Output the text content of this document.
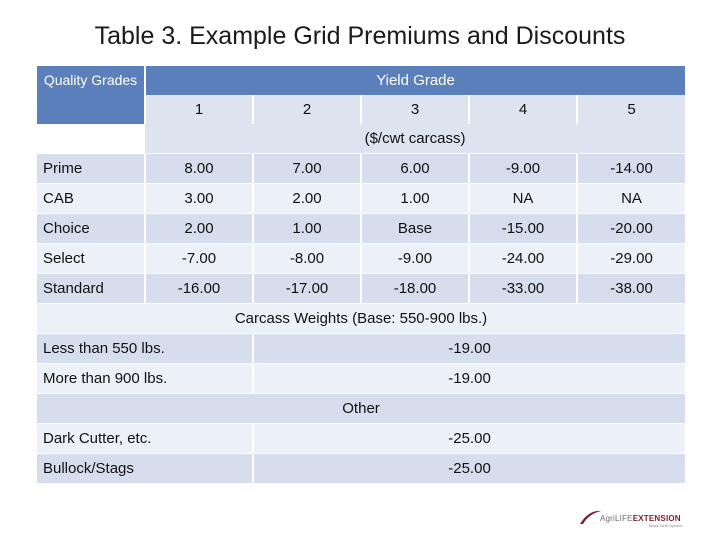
Table 3. Example Grid Premiums and Discounts
Quality Grades	Yield Grade				
	1	2	3	4	5
	($/cwt carcass)				
Prime	8.00	7.00	6.00	-9.00	-14.00
CAB	3.00	2.00	1.00	NA	NA
Choice	2.00	1.00	Base	-15.00	-20.00
Select	-7.00	-8.00	-9.00	-24.00	-29.00
Standard	-16.00	-17.00	-18.00	-33.00	-38.00
Carcass Weights (Base: 550-900 lbs.)					
Less than 550 lbs.		-19.00			
More than 900 lbs.		-19.00			
Other					
Dark Cutter, etc.		-25.00			
Bullock/Stags		-25.00			
AgriLIFEEXTENSION
Texas A&M System
